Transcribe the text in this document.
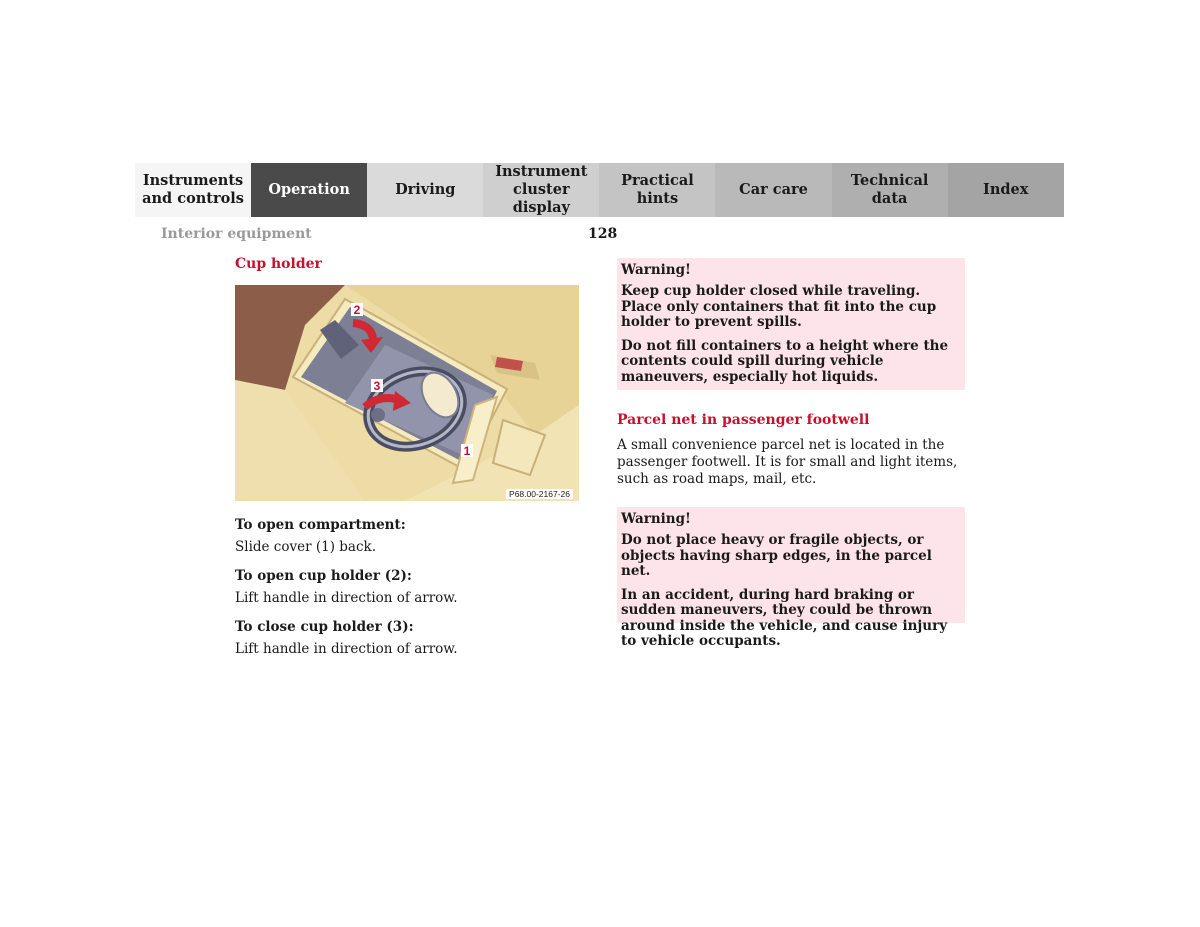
Instruments
and controls
Operation	Driving
Instrument
cluster display
Practical hints
Car care
Technical
data
Index
Interior equipment	128
Cup holder
2
3
1
P68.00-2167-26
To open compartment:
Slide cover (1) back.
To open cup holder (2):
Lift handle in direction of arrow.
To close cup holder (3):
Lift handle in direction of arrow.
Warning!
Keep cup holder closed while traveling. Place only containers that fit into the cup holder to prevent spills.
Do not fill containers to a height where the contents could spill during vehicle maneuvers, especially hot liquids.
Parcel net in passenger footwell
A small convenience parcel net is located in the passenger footwell. It is for small and light items, such as road maps, mail, etc.
Warning!
Do not place heavy or fragile objects, or objects having sharp edges, in the parcel net.
In an accident, during hard braking or sudden maneuvers, they could be thrown around inside the vehicle, and cause injury to vehicle occupants.
